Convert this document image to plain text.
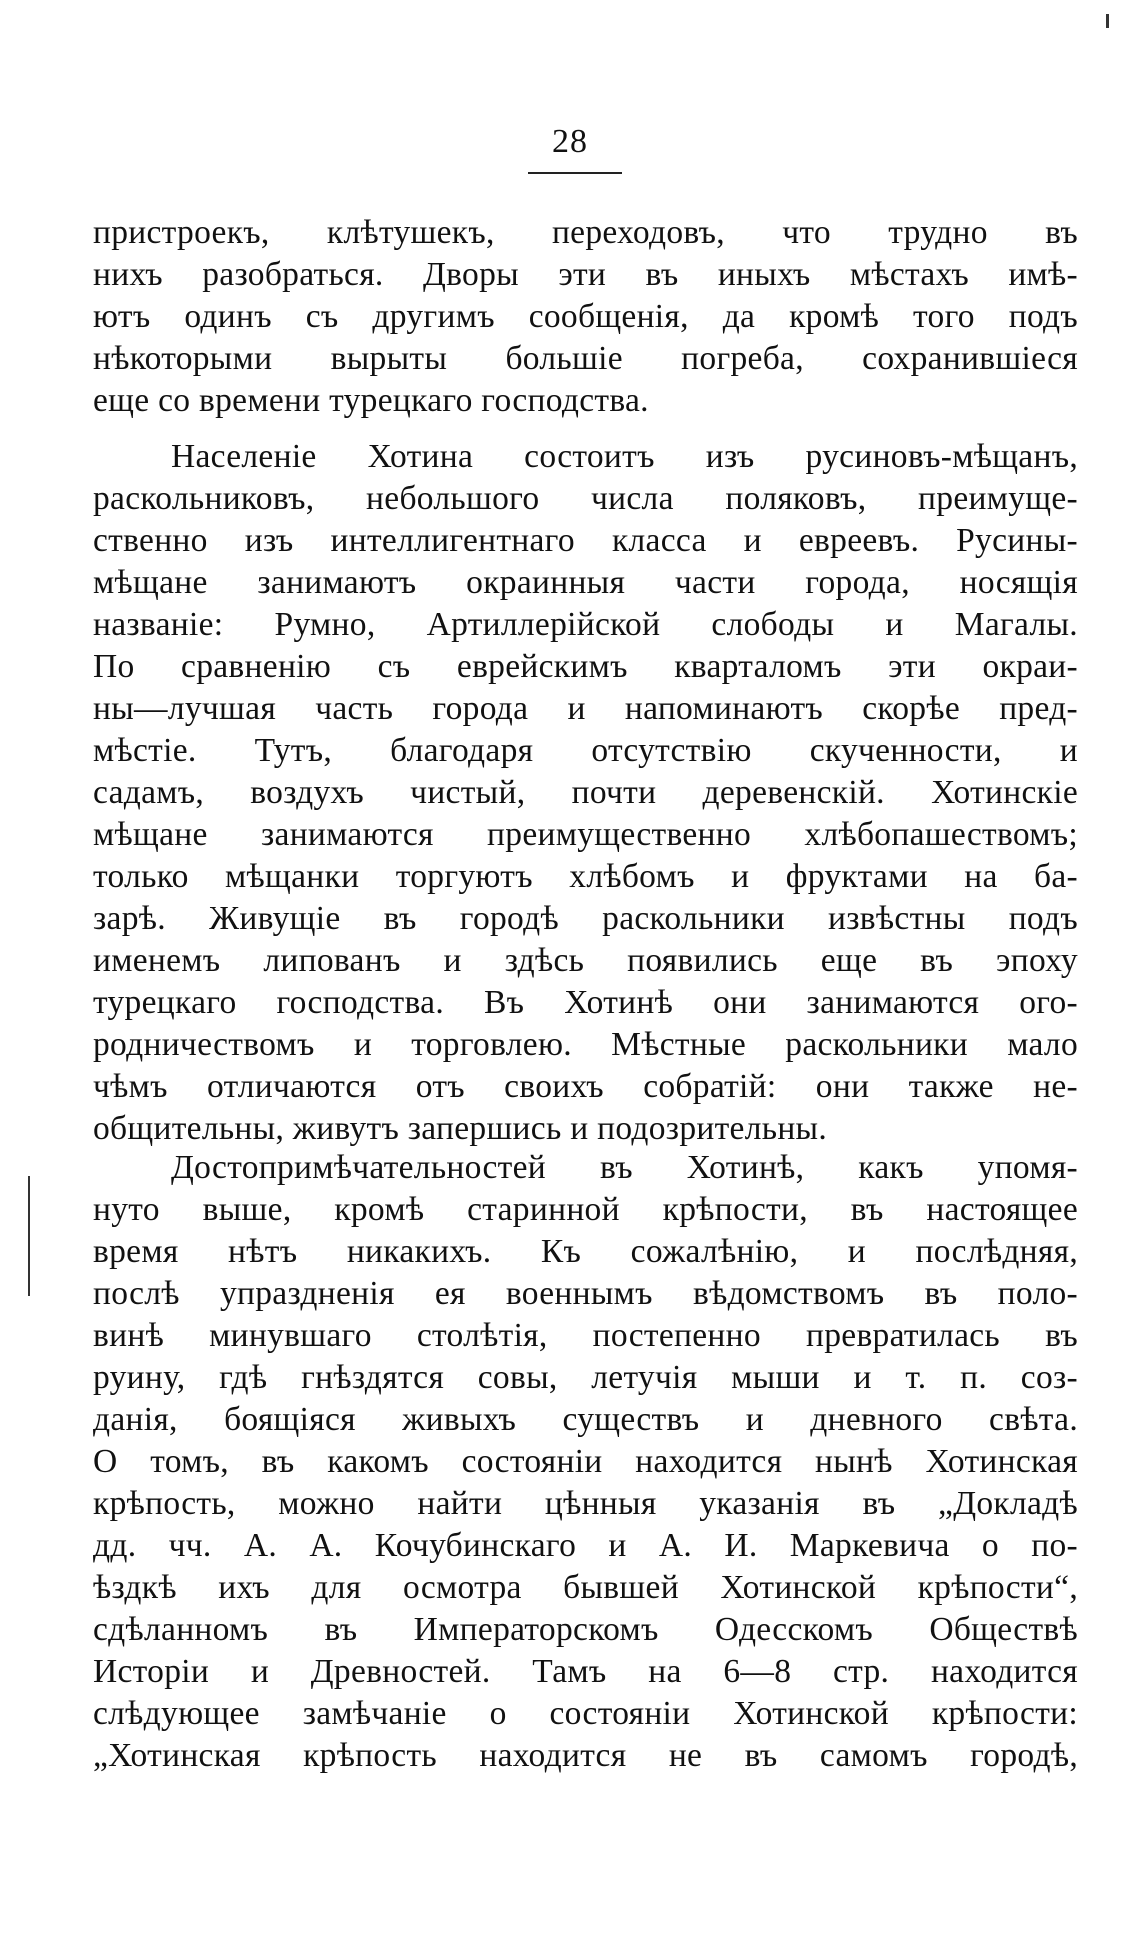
28
пристроекъ, клѣтушекъ, переходовъ, что трудно въ
нихъ разобраться. Дворы эти въ иныхъ мѣстахъ имѣ-
ютъ одинъ съ другимъ сообщенія, да кромѣ того подъ
нѣкоторыми вырыты большіе погреба, сохранившіеся
еще со времени турецкаго господства.
Населеніе Хотина состоитъ изъ русиновъ-мѣщанъ,
раскольниковъ, небольшого числа поляковъ, преимуще-
ственно изъ интеллигентнаго класса и евреевъ. Русины-
мѣщане занимаютъ окраинныя части города, носящія
названіе: Румно, Артиллерійской слободы и Магалы.
По сравненію съ еврейскимъ кварталомъ эти окраи-
ны—лучшая часть города и напоминаютъ скорѣе пред-
мѣстіе. Тутъ, благодаря отсутствію скученности, и
садамъ, воздухъ чистый, почти деревенскій. Хотинскіе
мѣщане занимаются преимущественно хлѣбопашествомъ;
только мѣщанки торгуютъ хлѣбомъ и фруктами на ба-
зарѣ. Живущіе въ городѣ раскольники извѣстны подъ
именемъ липованъ и здѣсь появились еще въ эпоху
турецкаго господства. Въ Хотинѣ они занимаются ого-
родничествомъ и торговлею. Мѣстные раскольники мало
чѣмъ отличаются отъ своихъ собратій: они также не-
общительны, живутъ запершись и подозрительны.
Достопримѣчательностей въ Хотинѣ, какъ упомя-
нуто выше, кромѣ старинной крѣпости, въ настоящее
время нѣтъ никакихъ. Къ сожалѣнію, и послѣдняя,
послѣ упраздненія ея военнымъ вѣдомствомъ въ поло-
винѣ минувшаго столѣтія, постепенно превратилась въ
руину, гдѣ гнѣздятся совы, летучія мыши и т. п. соз-
данія, боящіяся живыхъ существъ и дневного свѣта.
О томъ, въ какомъ состояніи находится нынѣ Хотинская
крѣпость, можно найти цѣнныя указанія въ „Докладѣ
дд. чч. А. А. Кочубинскаго и А. И. Маркевича о по-
ѣздкѣ ихъ для осмотра бывшей Хотинской крѣпости“,
сдѣланномъ въ Императорскомъ Одесскомъ Обществѣ
Исторіи и Древностей. Тамъ на 6—8 стр. находится
слѣдующее замѣчаніе о состояніи Хотинской крѣпости:
„Хотинская крѣпость находится не въ самомъ городѣ,
